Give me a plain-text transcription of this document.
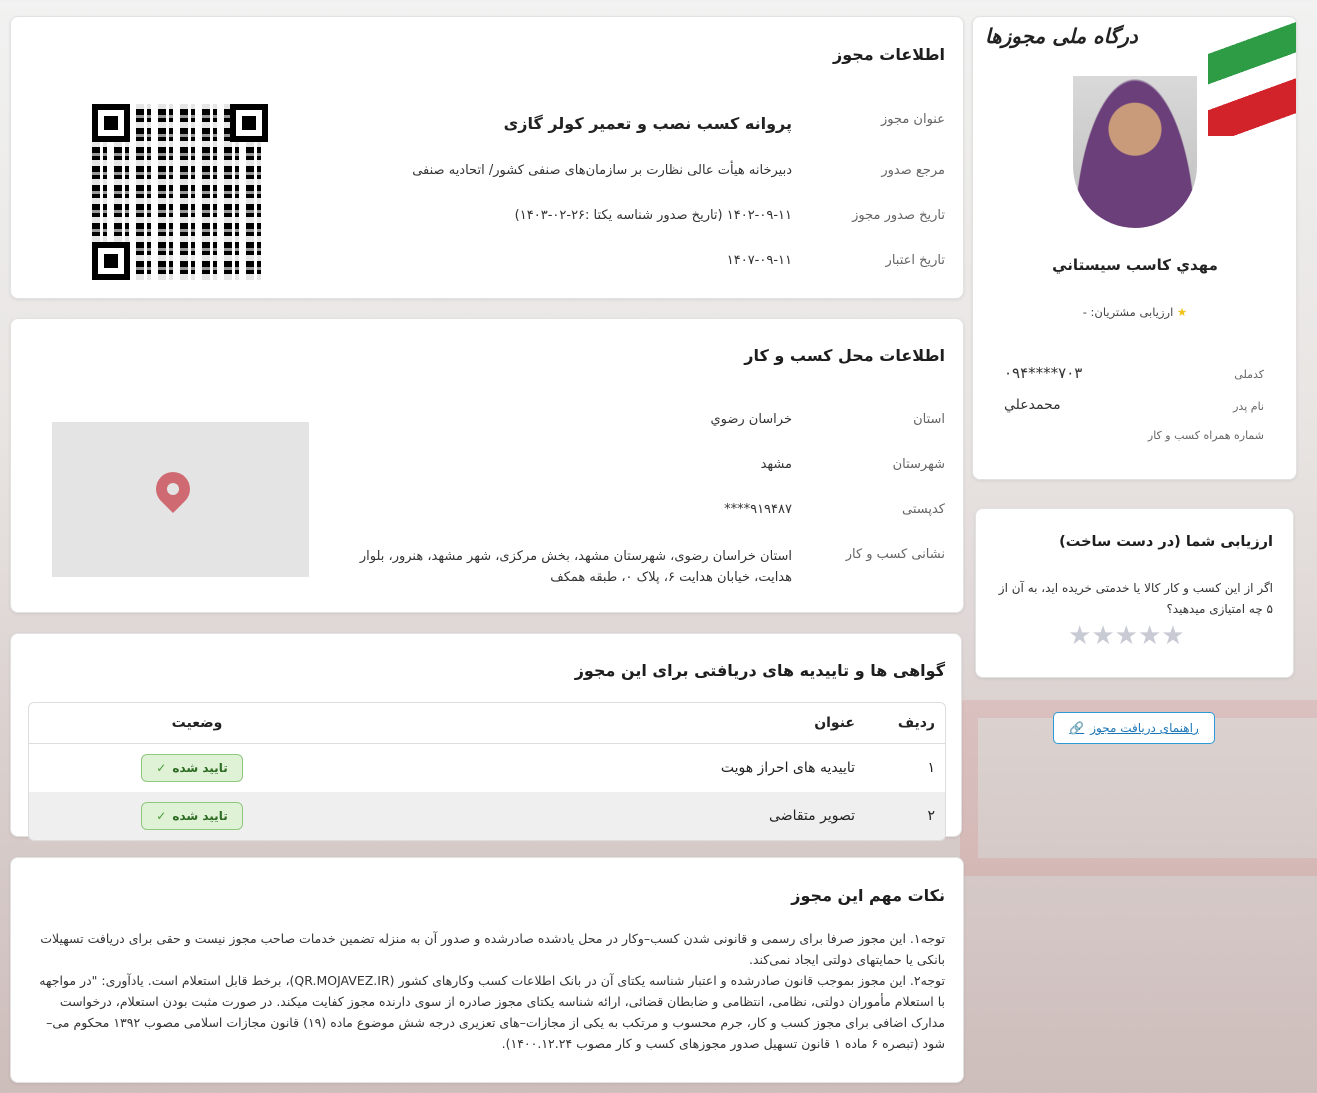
اطلاعات مجوز
عنوان مجوز
پروانه کسب نصب و تعمیر کولر گازی
مرجع صدور
دبیرخانه هیأت عالی نظارت بر سازمان‌های صنفی کشور/ اتحادیه صنفی
تاریخ صدور مجوز
۱۴۰۲-۰۹-۱۱ (تاریخ صدور شناسه یکتا :۲۶-۰۲-۱۴۰۳)
تاریخ اعتبار
۱۴۰۷-۰۹-۱۱
اطلاعات محل کسب و کار
استان
خراسان رضوي
شهرستان
مشهد
کدپستی
۹۱۹۴۸۷****
نشانی کسب و کار
استان خراسان رضوی، شهرستان مشهد، بخش مرکزی، شهر مشهد، هنرور، بلوار هدایت، خیابان هدایت ۶، پلاک ۰، طبقه همکف
گواهی ها و تاییدیه های دریافتی برای این مجوز
ردیف	عنوان	وضعیت
۱	تاییدیه های احراز هویت	تایید شده✓
۲	تصویر متقاضی	تایید شده✓
نکات مهم این مجوز

توجه۱. این مجوز صرفا برای رسمی و قانونی شدن کسب–وکار در محل یادشده صادرشده و صدور آن به منزله تضمین خدمات صاحب مجوز نیست و حقی برای دریافت تسهیلات بانکی یا حمایتهای دولتی ایجاد نمی‌کند.

توجه۲. این مجوز بموجب قانون صادرشده و اعتبار شناسه یکتای آن در بانک اطلاعات کسب وکارهای کشور (QR.MOJAVEZ.IR)، برخط قابل استعلام است. یادآوری: "در مواجهه با استعلام مأموران دولتی، نظامی، انتظامی و ضابطان قضائی، ارائه شناسه یکتای مجوز صادره از سوی دارنده مجوز کفایت میکند. در صورت مثبت بودن استعلام، درخواست مدارک اضافی برای مجوز کسب و کار، جرم محسوب و مرتکب به یکی از مجازات–های تعزیری درجه شش موضوع ماده (۱۹) قانون مجازات اسلامی مصوب ۱۳۹۲ محکوم می–شود (تبصره ۶ ماده ۱ قانون تسهیل صدور مجوزهای کسب و کار مصوب ۱۴۰۰.۱۲.۲۴).

درگاه ملی مجوزها
مهدي كاسب سيستاني
★ ارزیابی مشتریان: -
کدملی
۰۹۴****۷۰۳
نام پدر
محمدعلي
شماره همراه کسب و کار
ارزیابی شما (در دست ساخت)
اگر از این کسب و کار کالا یا خدمتی خریده اید، به آن از ۵ چه امتیازی میدهید؟
★★★★★
راهنمای دریافت مجوز
🔗
